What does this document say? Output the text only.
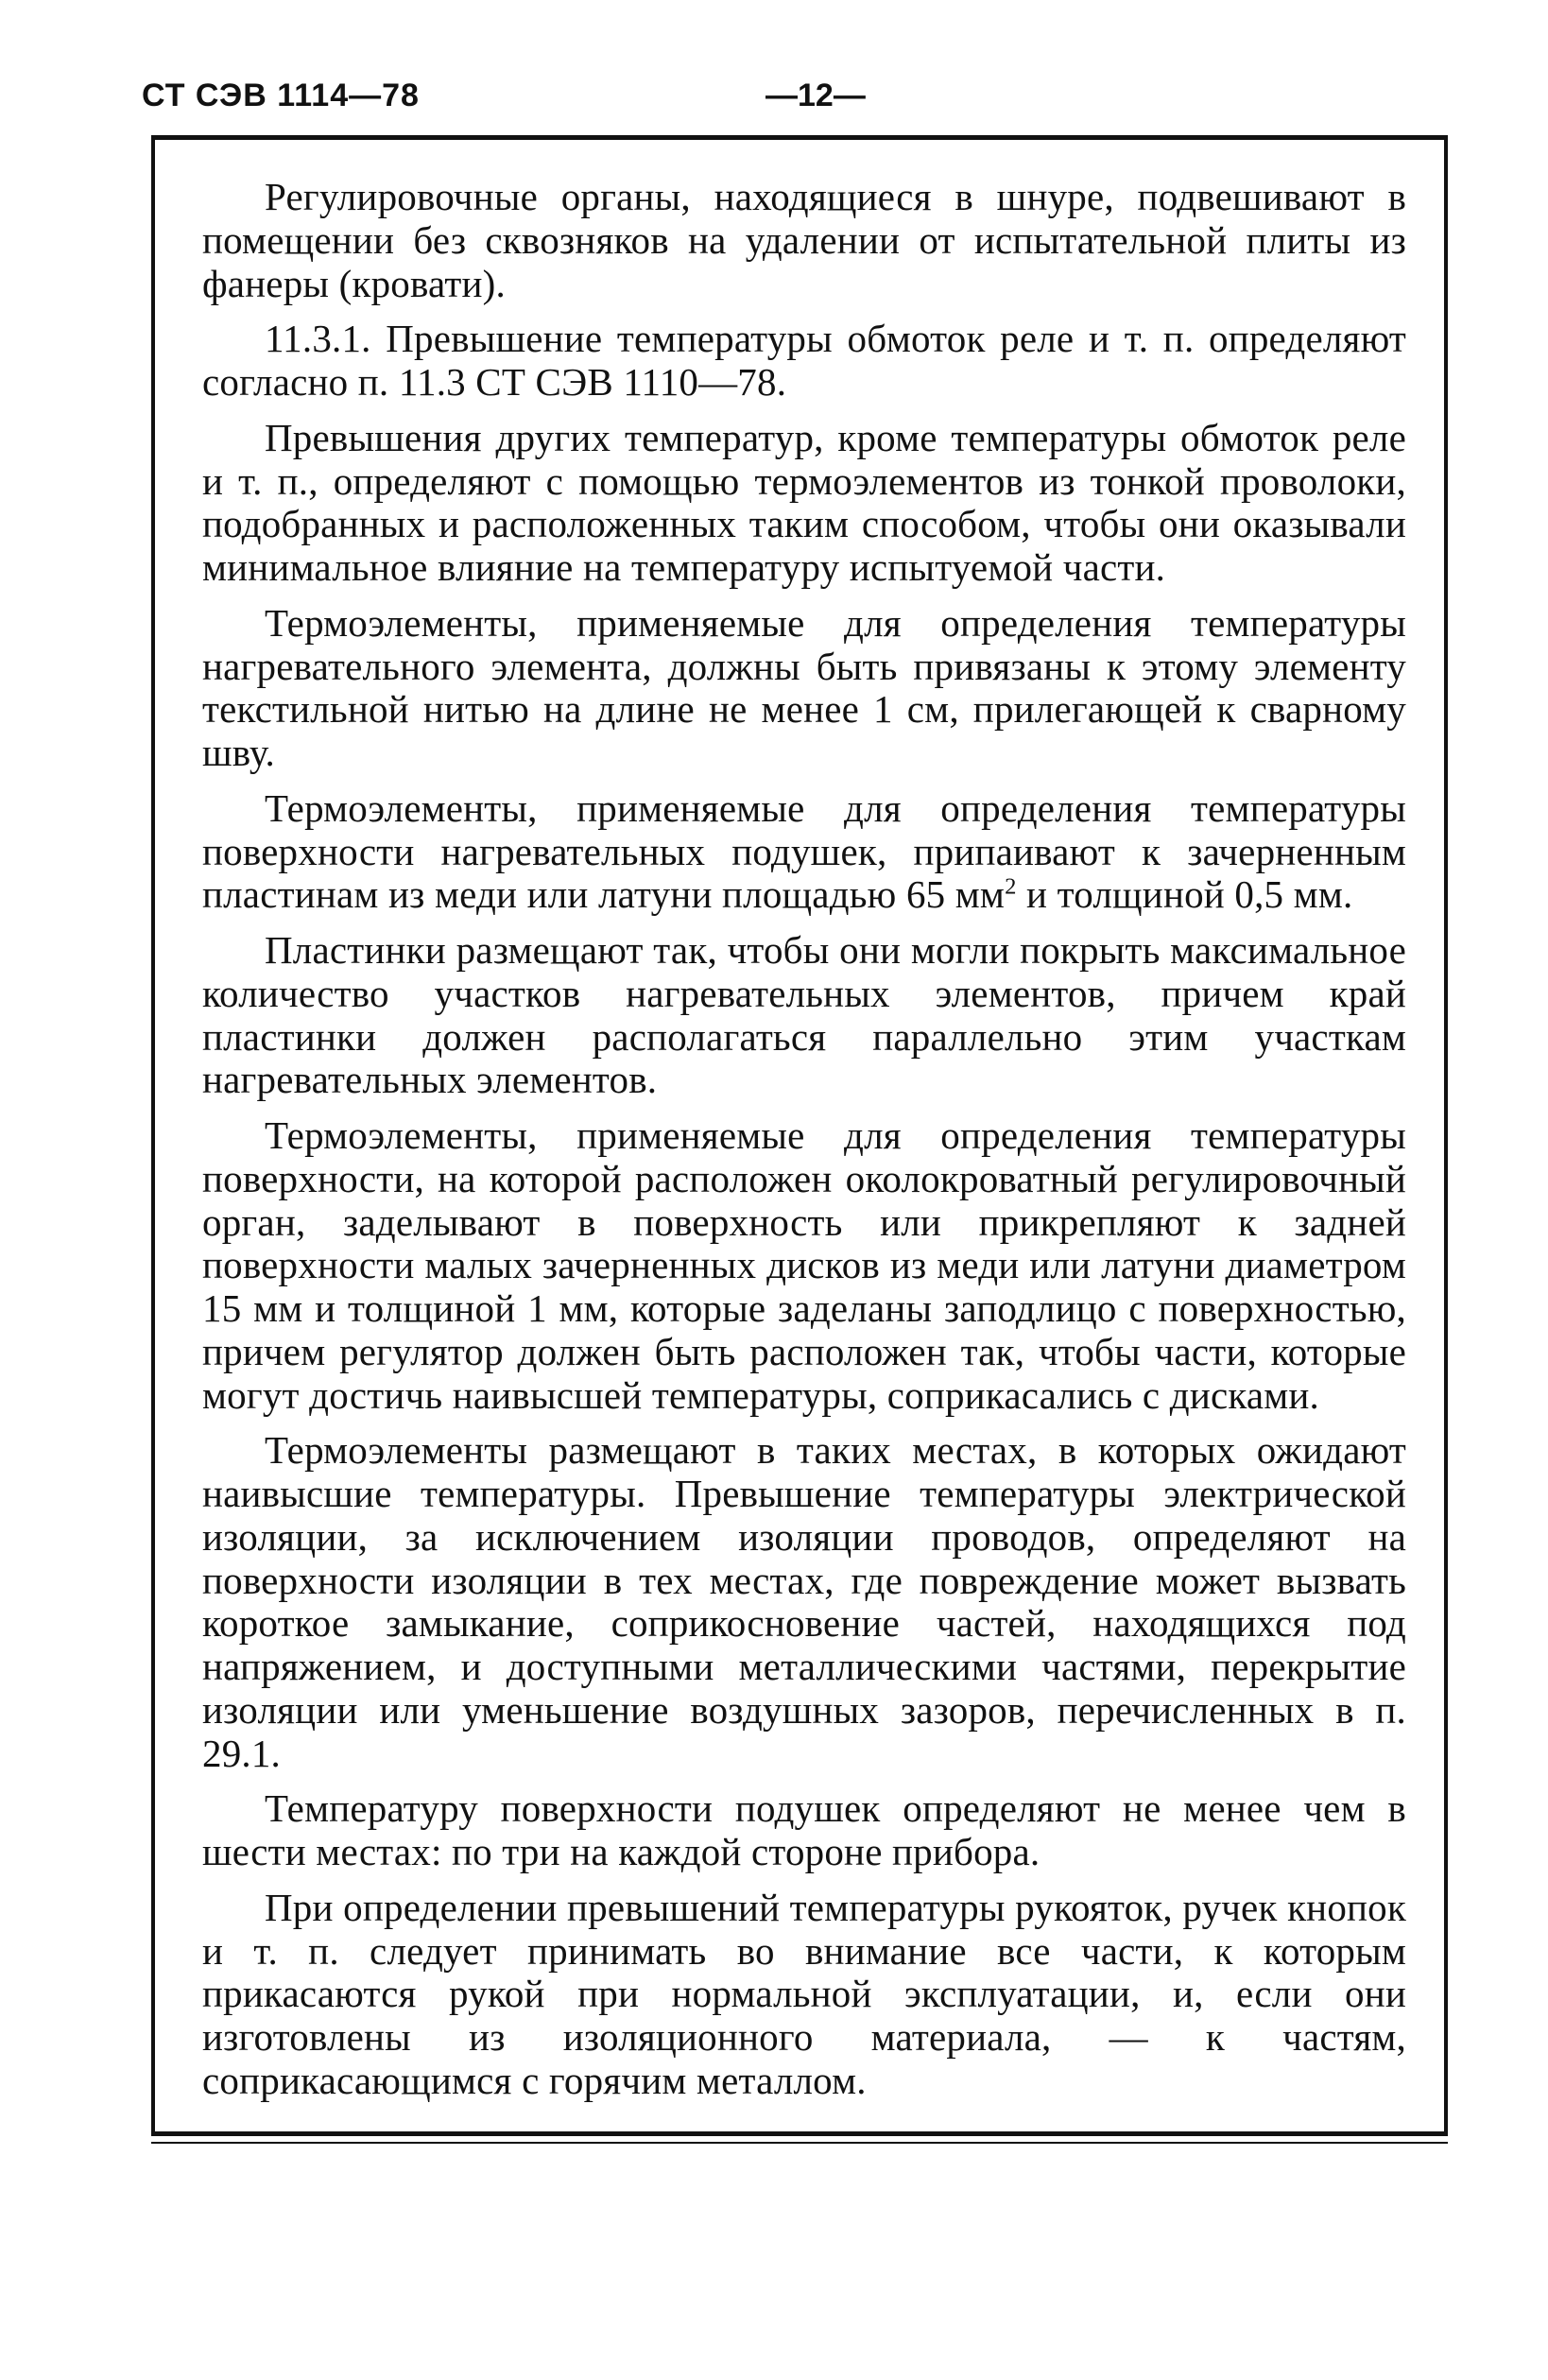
СТ СЭВ 1114—78	—12—

Регулировочные органы, находящиеся в шнуре, подвешивают в помещении без сквозняков на удалении от испытательной плиты из фанеры (кровати).

11.3.1. Превышение температуры обмоток реле и т. п. определяют согласно п. 11.3 СТ СЭВ 1110—78.

Превышения других температур, кроме температуры обмоток реле и т. п., определяют с помощью термоэлементов из тонкой проволоки, подобранных и расположенных таким способом, чтобы они оказывали минимальное влияние на температуру испытуемой части.

Термоэлементы, применяемые для определения температуры нагревательного элемента, должны быть привязаны к этому элементу текстильной нитью на длине не менее 1 см, прилегающей к сварному шву.

Термоэлементы, применяемые для определения температуры поверхности нагревательных подушек, припаивают к зачерненным пластинам из меди или латуни площадью 65 $мм^2$ и толщиной 0,5 мм.

Пластинки размещают так, чтобы они могли покрыть максимальное количество участков нагревательных элементов, причем край пластинки должен располагаться параллельно этим участкам нагревательных элементов.

Термоэлементы, применяемые для определения температуры поверхности, на которой расположен околокроватный регулировочный орган, заделывают в поверхность или прикрепляют к задней поверхности малых зачерненных дисков из меди или латуни диаметром 15 мм и толщиной 1 мм, которые заделаны заподлицо с поверхностью, причем регулятор должен быть расположен так, чтобы части, которые могут достичь наивысшей температуры, соприкасались с дисками.

Термоэлементы размещают в таких местах, в которых ожидают наивысшие температуры. Превышение температуры электрической изоляции, за исключением изоляции проводов, определяют на поверхности изоляции в тех местах, где повреждение может вызвать короткое замыкание, соприкосновение частей, находящихся под напряжением, и доступными металлическими частями, перекрытие изоляции или уменьшение воздушных зазоров, перечисленных в п. 29.1.

Температуру поверхности подушек определяют не менее чем в шести местах: по три на каждой стороне прибора.

При определении превышений температуры рукояток, ручек кнопок и т. п. следует принимать во внимание все части, к которым прикасаются рукой при нормальной эксплуатации, и, если они изготовлены из изоляционного материала, — к частям, соприкасающимся с горячим металлом.
